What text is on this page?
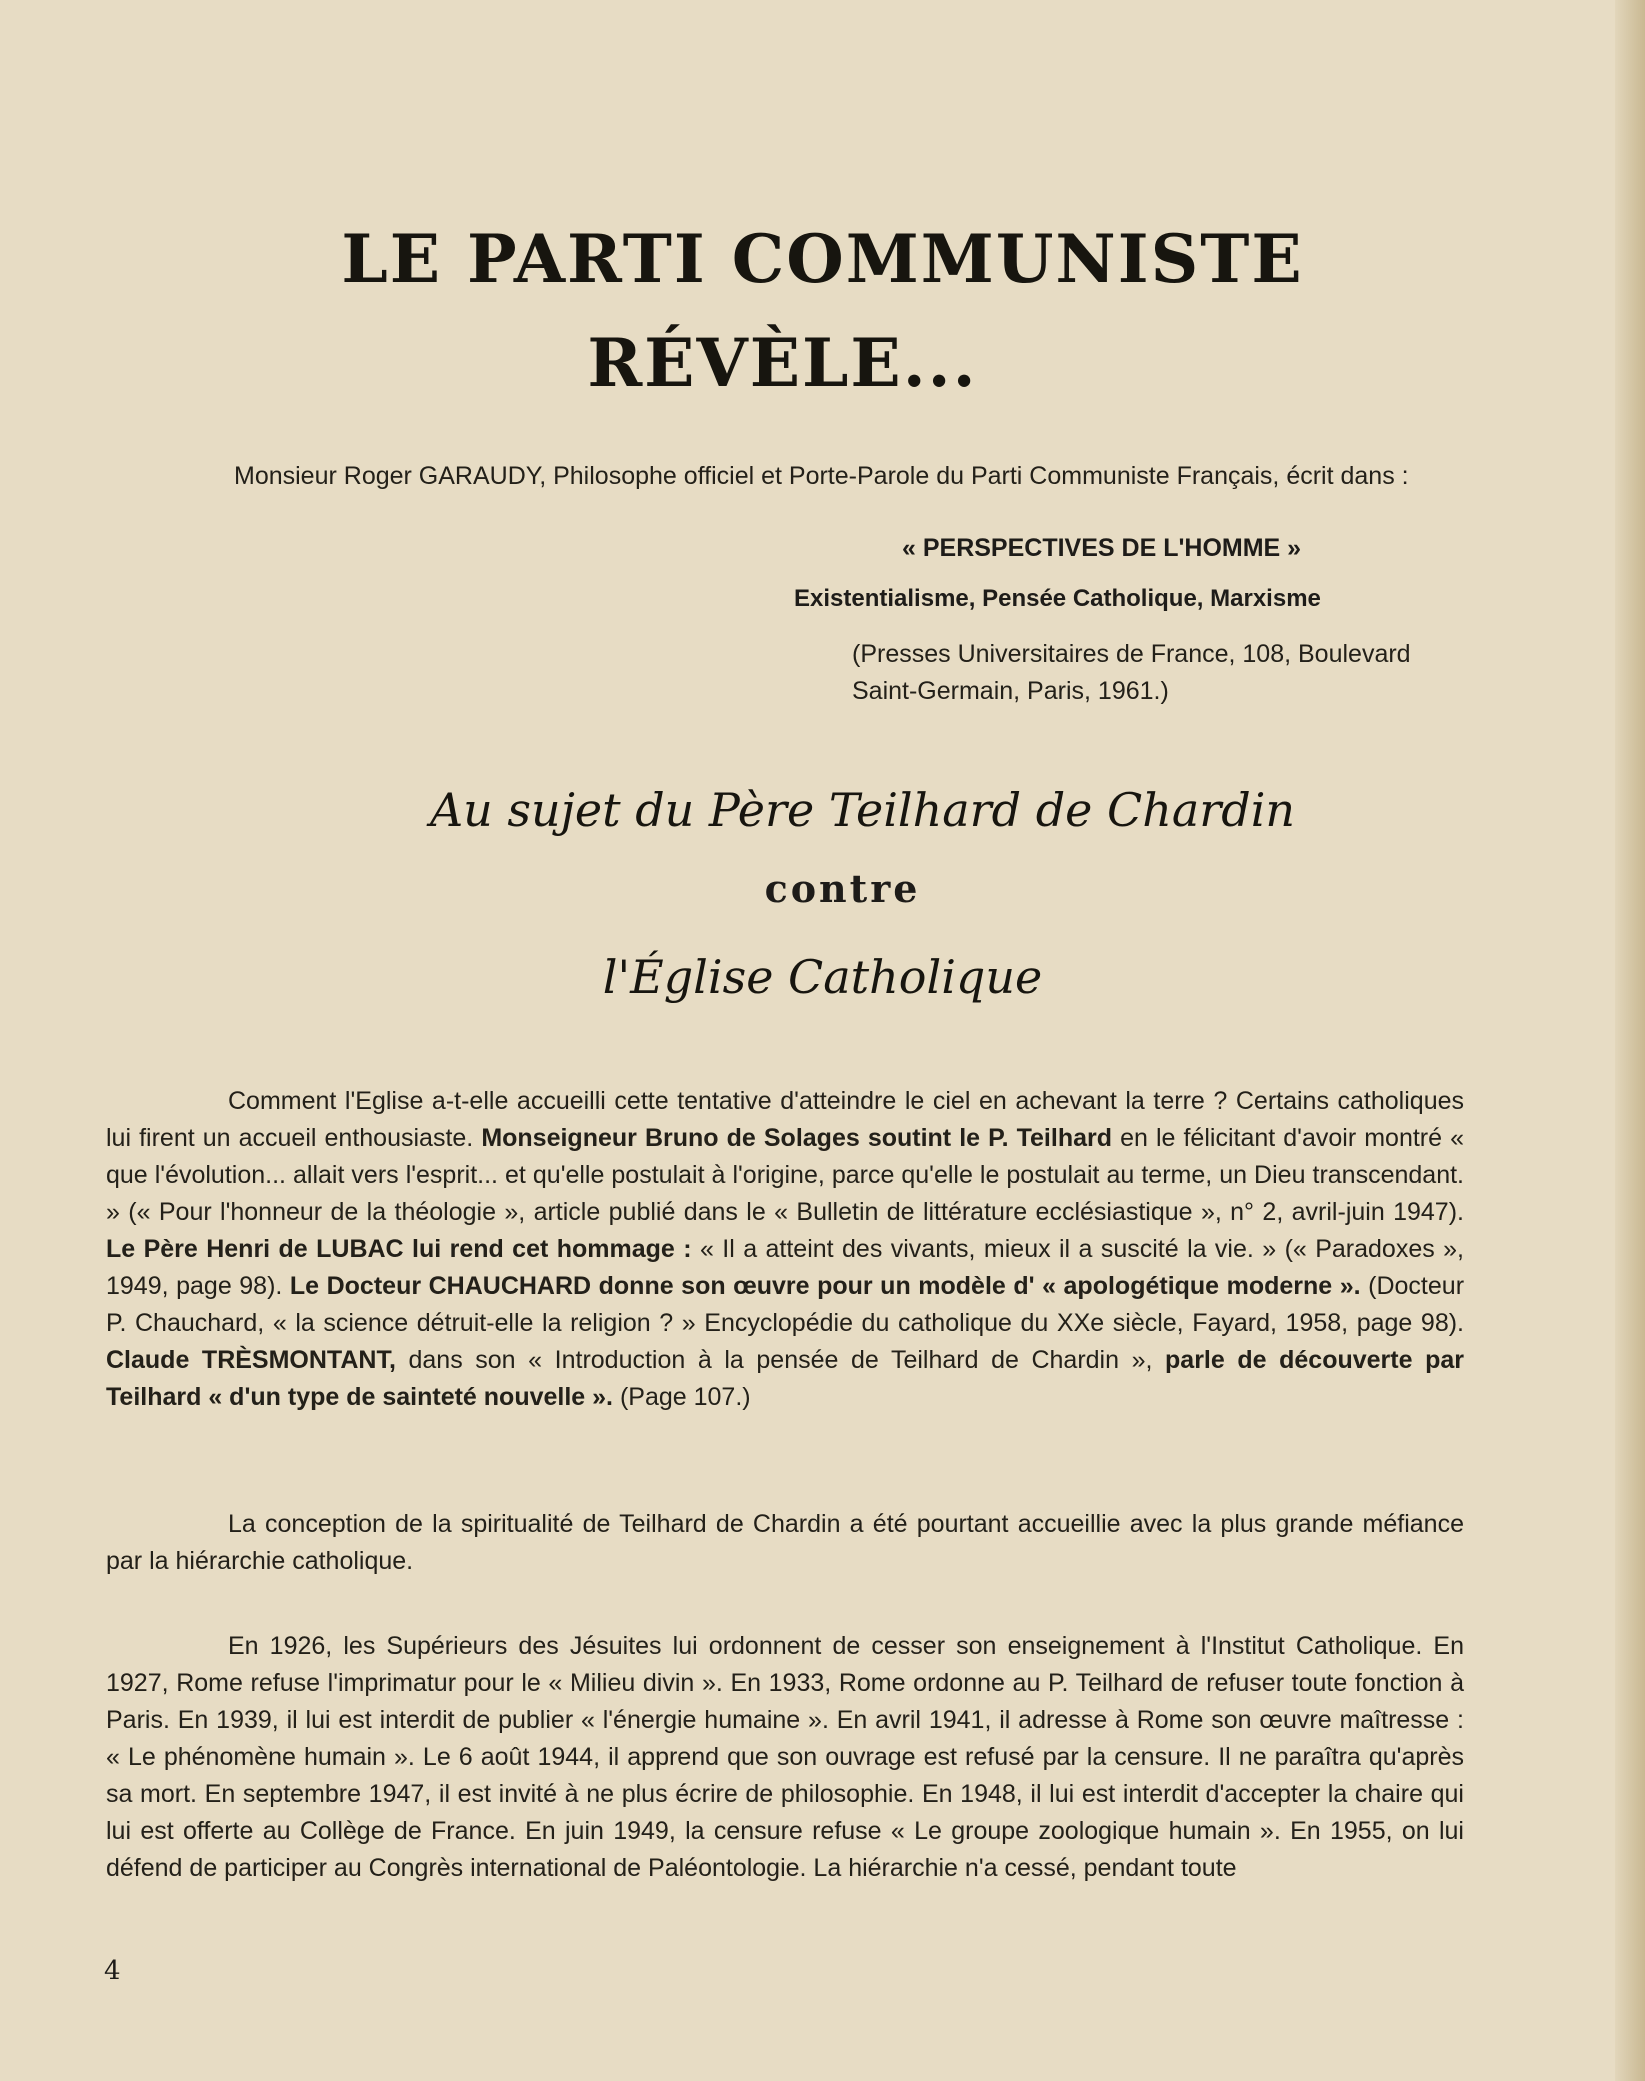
LE PARTI COMMUNISTE
RÉVÈLE...
Monsieur Roger GARAUDY, Philosophe officiel et Porte-Parole du Parti Communiste Français, écrit dans :
« PERSPECTIVES DE L'HOMME »
Existentialisme, Pensée Catholique, Marxisme
(Presses Universitaires de France, 108, Boulevard Saint-Germain, Paris, 1961.)
Au sujet du Père Teilhard de Chardin
contre
l'Église Catholique
Comment l'Eglise a-t-elle accueilli cette tentative d'atteindre le ciel en achevant la terre ? Certains catholiques lui firent un accueil enthousiaste. Monseigneur Bruno de Solages soutint le P. Teilhard en le félicitant d'avoir montré « que l'évolution... allait vers l'esprit... et qu'elle postulait à l'origine, parce qu'elle le postulait au terme, un Dieu transcendant. » (« Pour l'honneur de la théologie », article publié dans le « Bulletin de littérature ecclésiastique », n° 2, avril-juin 1947). Le Père Henri de LUBAC lui rend cet hommage : « Il a atteint des vivants, mieux il a suscité la vie. » (« Paradoxes », 1949, page 98). Le Docteur CHAUCHARD donne son œuvre pour un modèle d' « apologétique moderne ». (Docteur P. Chauchard, « la science détruit-elle la religion ? » Encyclopédie du catholique du XXe siècle, Fayard, 1958, page 98). Claude TRÈSMONTANT, dans son « Introduction à la pensée de Teilhard de Chardin », parle de découverte par Teilhard « d'un type de sainteté nouvelle ». (Page 107.)
La conception de la spiritualité de Teilhard de Chardin a été pourtant accueillie avec la plus grande méfiance par la hiérarchie catholique.
En 1926, les Supérieurs des Jésuites lui ordonnent de cesser son enseignement à l'Institut Catholique. En 1927, Rome refuse l'imprimatur pour le « Milieu divin ». En 1933, Rome ordonne au P. Teilhard de refuser toute fonction à Paris. En 1939, il lui est interdit de publier « l'énergie humaine ». En avril 1941, il adresse à Rome son œuvre maîtresse : « Le phénomène humain ». Le 6 août 1944, il apprend que son ouvrage est refusé par la censure. Il ne paraîtra qu'après sa mort. En septembre 1947, il est invité à ne plus écrire de philosophie. En 1948, il lui est interdit d'accepter la chaire qui lui est offerte au Collège de France. En juin 1949, la censure refuse « Le groupe zoologique humain ». En 1955, on lui défend de participer au Congrès international de Paléontologie. La hiérarchie n'a cessé, pendant toute
4
